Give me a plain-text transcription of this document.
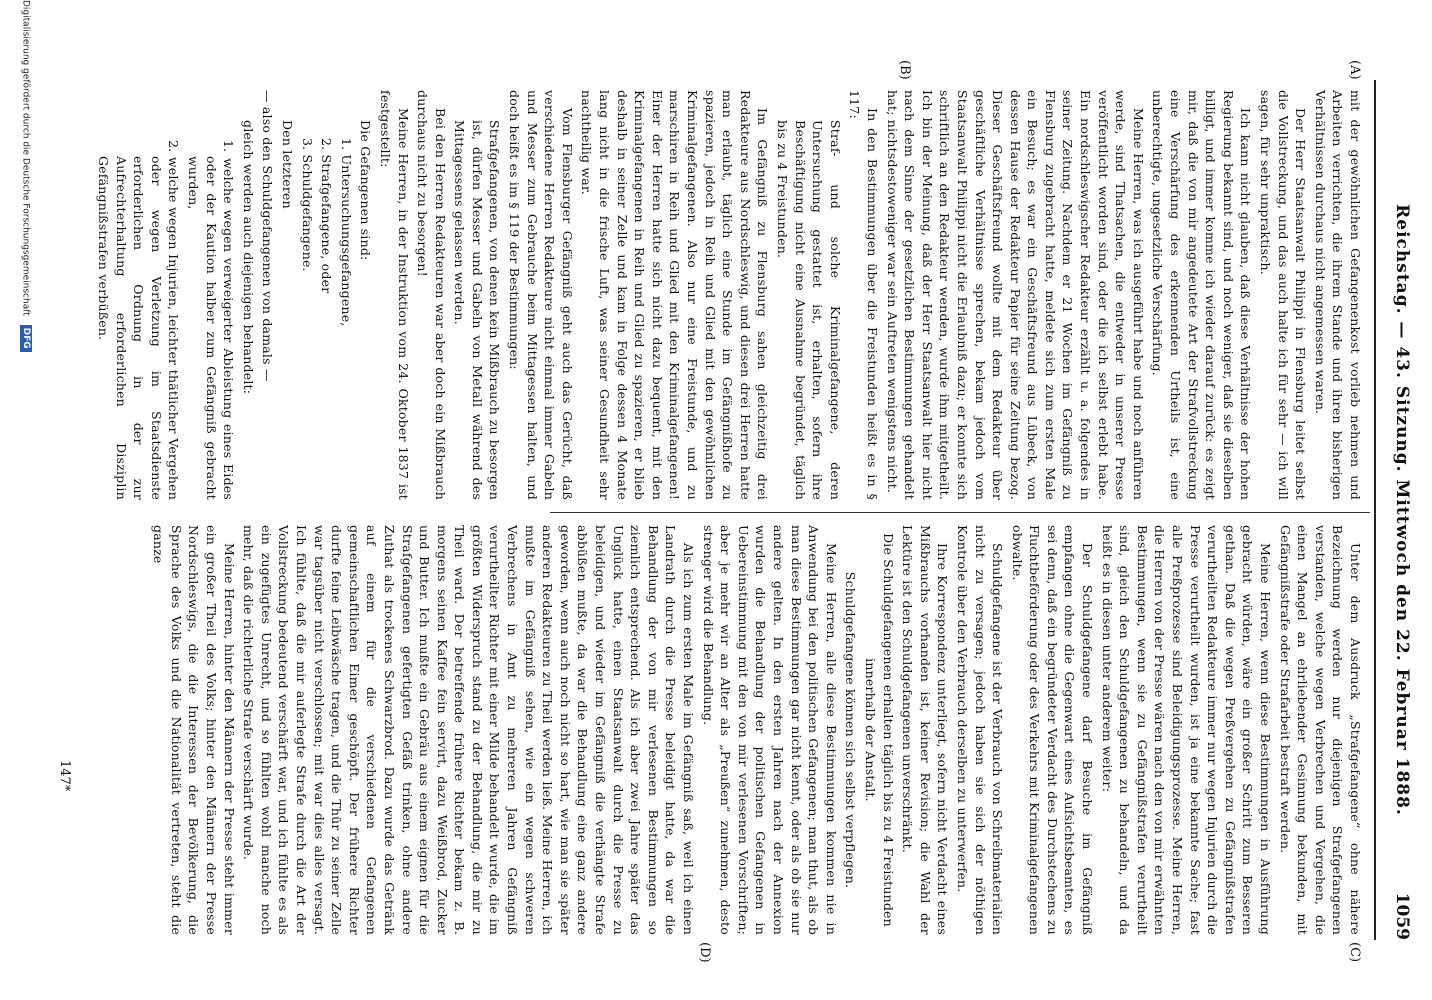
Reichstag. — 43. Sitzung. Mittwoch den 22. Februar 1888.
1059
(A)
(B)
(C)
(D)

mit der gewöhnlichen Gefangenenkost vorlieb nehmen und Arbeiten verrichten, die ihrem Stande und ihren bisherigen Verhältnissen durchaus nicht angemessen waren.

Der Herr Staatsanwalt Philippi in Flensburg leitet selbst die Vollstreckung, und das auch halte ich für sehr — ich will sagen, für sehr unpraktisch.

Ich kann nicht glauben, daß diese Verhältnisse der hohen Regierung bekannt sind, und noch weniger, daß sie dieselben billigt, und immer komme ich wieder darauf zurück: es zeigt mir, daß die von mir angedeutete Art der Strafvollstreckung eine Verschärfung des erkennenden Urtheils ist, eine unberechtigte, ungesetzliche Verschärfung.

Meine Herren, was ich ausgeführt habe und noch anführen werde, sind Thatsachen, die entweder in unserer Presse veröffentlicht worden sind, oder die ich selbst erlebt habe. Ein nordschleswigscher Redakteur erzählt u. a. folgendes in seiner Zeitung. Nachdem er 21 Wochen im Gefängniß zu Flensburg zugebracht hatte, meldete sich zum ersten Male ein Besuch; es war ein Geschäftsfreund aus Lübeck, von dessen Hause der Redakteur Papier für seine Zeitung bezog. Dieser Geschäftsfreund wollte mit dem Redakteur über geschäftliche Verhältnisse sprechen, bekam jedoch vom Staatsanwalt Philippi nicht die Erlaubniß dazu; er konnte sich schriftlich an den Redakteur wenden, wurde ihm mitgetheilt. Ich bin der Meinung, daß der Herr Staatsanwalt hier nicht nach dem Sinne der gesetzlichen Bestimmungen gehandelt hat; nichtsdestoweniger war sein Auftreten wenigstens nicht.

In den Bestimmungen über die Freistunden heißt es in § 117:

Straf- und solche Kriminalgefangene, deren Untersuchung gestattet ist, erhalten, sofern ihre Beschäftigung nicht eine Ausnahme begründet, täglich bis zu 4 Freistunden.

Im Gefängniß zu Flensburg sahen gleichzeitig drei Redakteure aus Nordschleswig, und diesen drei Herren hatte man erlaubt, täglich eine Stunde im Gefängnißhofe zu spazieren, jedoch in Reih und Glied mit den gewöhnlichen Kriminalgefangenen. Also nur eine Freistunde, und zu marschiren in Reih und Glied mit den Kriminalgefangenen! Einer der Herren hatte sich nicht dazu bequemt, mit den Kriminalgefangenen in Reih und Glied zu spazieren, er blieb deshalb in seiner Zelle und kam in Folge dessen 4 Monate lang nicht in die frische Luft, was seiner Gesundheit sehr nachtheilig war.

Vom Flensburger Gefängniß geht auch das Gerücht, daß verschiedene Herren Redakteure nicht einmal immer Gabeln und Messer zum Gebrauche beim Mittagessen halten, und doch heißt es im § 119 der Bestimmungen:

Strafgefangenen, von denen kein Mißbrauch zu besorgen ist, dürfen Messer und Gabeln von Metall während des Mittagessens gelassen werden.

Bei den Herren Redakteuren war aber doch ein Mißbrauch durchaus nicht zu besorgen!

Meine Herren, in der Instruktion vom 24. Oktober 1837 ist festgestellt:

Die Gefangenen sind:

1. Untersuchungsgefangene,

2. Strafgefangene, oder

3. Schuldgefangene.

Den letzteren

— also den Schuldgefangenen von damals —

gleich werden auch diejenigen behandelt:

1. welche wegen verweigerter Ableistung eines Eides oder der Kaution halber zum Gefängniß gebracht wurden,

2. welche wegen Injurien, leichter thätlicher Vergehen oder wegen Verletzung im Staatsdienste erforderlichen Ordnung in der zur Aufrechterhaltung erforderlichen Disziplin Gefängnißstrafen verbüßen.

Unter dem Ausdruck „Strafgefangene“ ohne nähere Bezeichnung werden nur diejenigen Strafgefangenen verstanden, welche wegen Verbrechen und Vergehen, die einen Mangel an ehrliebender Gesinnung bekunden, mit Gefängnißstrafe oder Strafarbeit bestraft werden.

Meine Herren, wenn diese Bestimmungen in Ausführung gebracht würden, wäre ein großer Schritt zum Besseren gethan. Daß die wegen Preßvergehen zu Gefängnißstrafen verurtheilten Redakteure immer nur wegen Injurien durch die Presse verurtheilt wurden, ist ja eine bekannte Sache; fast alle Preßprozesse sind Beleidigungsprozesse. Meine Herren, die Herren von der Presse wären nach den von mir erwähnten Bestimmungen, wenn sie zu Gefängnißstrafen verurtheilt sind, gleich den Schuldgefangenen zu behandeln, und da heißt es in diesen unter anderem weiter:

Der Schuldgefangene darf Besuche im Gefängniß empfangen ohne die Gegenwart eines Aufsichtsbeamten, es sei denn, daß ein begründeter Verdacht des Durchstechens zu Fluchtbeförderung oder des Verkehrs mit Kriminalgefangenen obwalte.

Schuldgefangene ist der Verbrauch von Schreibmaterialien nicht zu versagen; jedoch haben sie sich der nöthigen Kontrole über den Verbrauch derselben zu unterwerfen.

Ihre Korrespondenz unterliegt, sofern nicht Verdacht eines Mißbrauchs vorhanden ist, keiner Revision; die Wahl der Lektüre ist den Schuldgefangenen unverschränkt.

Die Schuldgefangenen erhalten täglich bis zu 4 Freistunden innerhalb der Anstalt.

Schuldgefangene können sich selbst verpflegen.

Meine Herren, alle diese Bestimmungen kommen nie in Anwendung bei den politischen Gefangenen; man thut, als ob man diese Bestimmungen gar nicht kennt, oder als ob sie nur andere gelten. In den ersten Jahren nach der Annexion wurden die Behandlung der politischen Gefangenen in Uebereinstimmung mit den von mir verlesenen Vorschriften; aber je mehr wir an Alter als „Preußen“ zunehmen, desto strenger wird die Behandlung.

Als ich zum ersten Male im Gefängniß saß, weil ich einen Landrath durch die Presse beleidigt hatte, da war die Behandlung der von mir verlesenen Bestimmungen so ziemlich entsprechend. Als ich aber zwei Jahre später das Unglück hatte, einen Staatsanwalt durch die Presse zu beleidigen, und wieder im Gefängniß die verhängte Strafe abbüßen mußte, da war die Behandlung eine ganz andere geworden, wenn auch noch nicht so hart, wie man sie später anderen Redakteuren zu Theil werden ließ. Meine Herren, ich mußte im Gefängniß sehen, wie ein wegen schweren Verbrechens in Amt zu mehreren Jahren Gefängniß verurtheilter Richter mit einer Milde behandelt wurde, die im größten Widerspruch stand zu der Behandlung, die mir zu Theil ward. Der betreffende frühere Richter bekam z. B. morgens seinen Kaffee fein servirt, dazu Weißbrod, Zucker und Butter. Ich mußte ein Gebräu aus einem eignen für die Strafgefangenen gefertigten Gefäß trinken, ohne andere Zuthat als trockenes Schwarzbrod. Dazu wurde das Getränk auf einem für die verschiedenen Gefangenen gemeinschaftlichen Eimer geschöpft. Der frühere Richter durfte feine Leibwäsche tragen, und die Thür zu seiner Zelle war tagsüber nicht verschlossen; mit war dies alles versagt. Ich fühlte, daß die mir auferlegte Strafe durch die Art der Vollstreckung bedeutend verschärft war, und ich fühlte es als ein zugefügtes Unrecht, und so fühlten wohl manche noch mehr, daß die richterliche Strafe verschärft wurde.

Meine Herren, hinter den Männern der Presse steht immer ein großer Theil des Volks; hinter den Männern der Presse Nordschleswigs, die die Interessen der Bevölkerung, die Sprache des Volks und die Nationalität vertreten, steht die ganze

147*
Digitalisierung gefördert durch die Deutsche Forschungsgemeinschaft DFG
